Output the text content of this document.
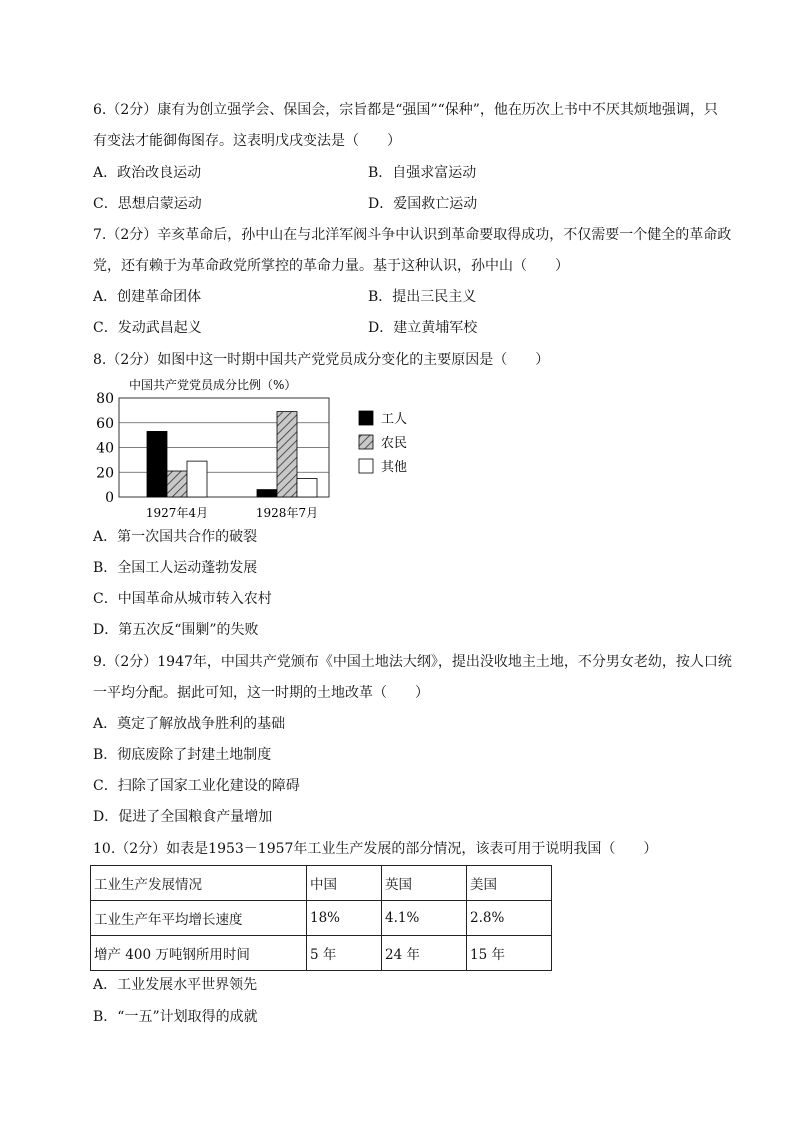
6.（2分）康有为创立强学会、保国会，宗旨都是“强国”“保种”，他在历次上书中不厌其烦地强调，只
有变法才能御侮图存。这表明戊戌变法是（　　）
A．政治改良运动	B．自强求富运动
C．思想启蒙运动	D．爱国救亡运动
7.（2分）辛亥革命后，孙中山在与北洋军阀斗争中认识到革命要取得成功，不仅需要一个健全的革命政
党，还有赖于为革命政党所掌控的革命力量。基于这种认识，孙中山（　　）
A．创建革命团体	B．提出三民主义
C．发动武昌起义	D．建立黄埔军校
8.（2分）如图中这一时期中国共产党党员成分变化的主要原因是（　　）
中国共产党党员成分比例（%）
0
20
40
60
80
1927年4月	1928年7月
工人
农民
其他
A．第一次国共合作的破裂
B．全国工人运动蓬勃发展
C．中国革命从城市转入农村
D．第五次反“围剿”的失败
9.（2分）1947年，中国共产党颁布《中国土地法大纲》，提出没收地主土地，不分男女老幼，按人口统
一平均分配。据此可知，这一时期的土地改革（　　）
A．奠定了解放战争胜利的基础
B．彻底废除了封建土地制度
C．扫除了国家工业化建设的障碍
D．促进了全国粮食产量增加
10.（2分）如表是1953－1957年工业生产发展的部分情况，该表可用于说明我国（　　）
工业生产发展情况	中国	英国	美国
工业生产年平均增长速度	18%	4.1%	2.8%
增产 400 万吨钢所用时间	5 年	24 年	15 年
A．工业发展水平世界领先
B．“一五”计划取得的成就
